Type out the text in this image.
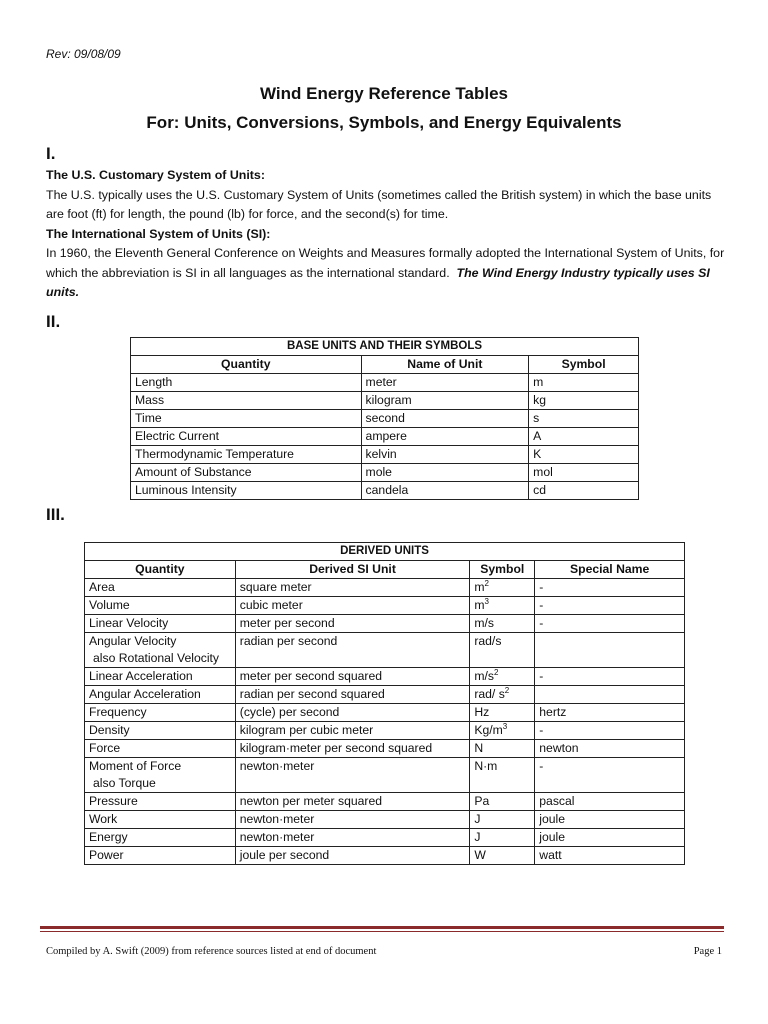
Rev: 09/08/09
Wind Energy Reference Tables
For: Units, Conversions, Symbols, and Energy Equivalents
I.
The U.S. Customary System of Units:
The U.S. typically uses the U.S. Customary System of Units (sometimes called the British system) in which the base units are foot (ft) for length, the pound (lb) for force, and the second(s) for time.
The International System of Units (SI):
In 1960, the Eleventh General Conference on Weights and Measures formally adopted the International System of Units, for which the abbreviation is SI in all languages as the international standard. The Wind Energy Industry typically uses SI units.
II.
BASE UNITS AND THEIR SYMBOLS		
Quantity	Name of Unit	Symbol
Length	meter	m
Mass	kilogram	kg
Time	second	s
Electric Current	ampere	A
Thermodynamic Temperature	kelvin	K
Amount of Substance	mole	mol
Luminous Intensity	candela	cd
III.
DERIVED UNITS			
Quantity	Derived SI Unit	Symbol	Special Name

Area	square meter	$m^2$	-

Volume	cubic meter	$m^3$	-

Linear Velocity	meter per second	m/s	-

Angular Velocity
also Rotational Velocity	radian per second	rad/s	

Linear Acceleration	meter per second squared	$m/s^2$	-

Angular Acceleration	radian per second squared	rad/ $s^2$	

Frequency	(cycle) per second	Hz	hertz

Density	kilogram per cubic meter	$Kg/m^3$	-

Force	kilogram·meter per second squared	N	newton

Moment of Force
also Torque	newton·meter	N·m	-

Pressure	newton per meter squared	Pa	pascal

Work	newton·meter	J	joule

Energy	newton·meter	J	joule

Power	joule per second	W	watt
Compiled by A. Swift (2009) from reference sources listed at end of document	Page 1
